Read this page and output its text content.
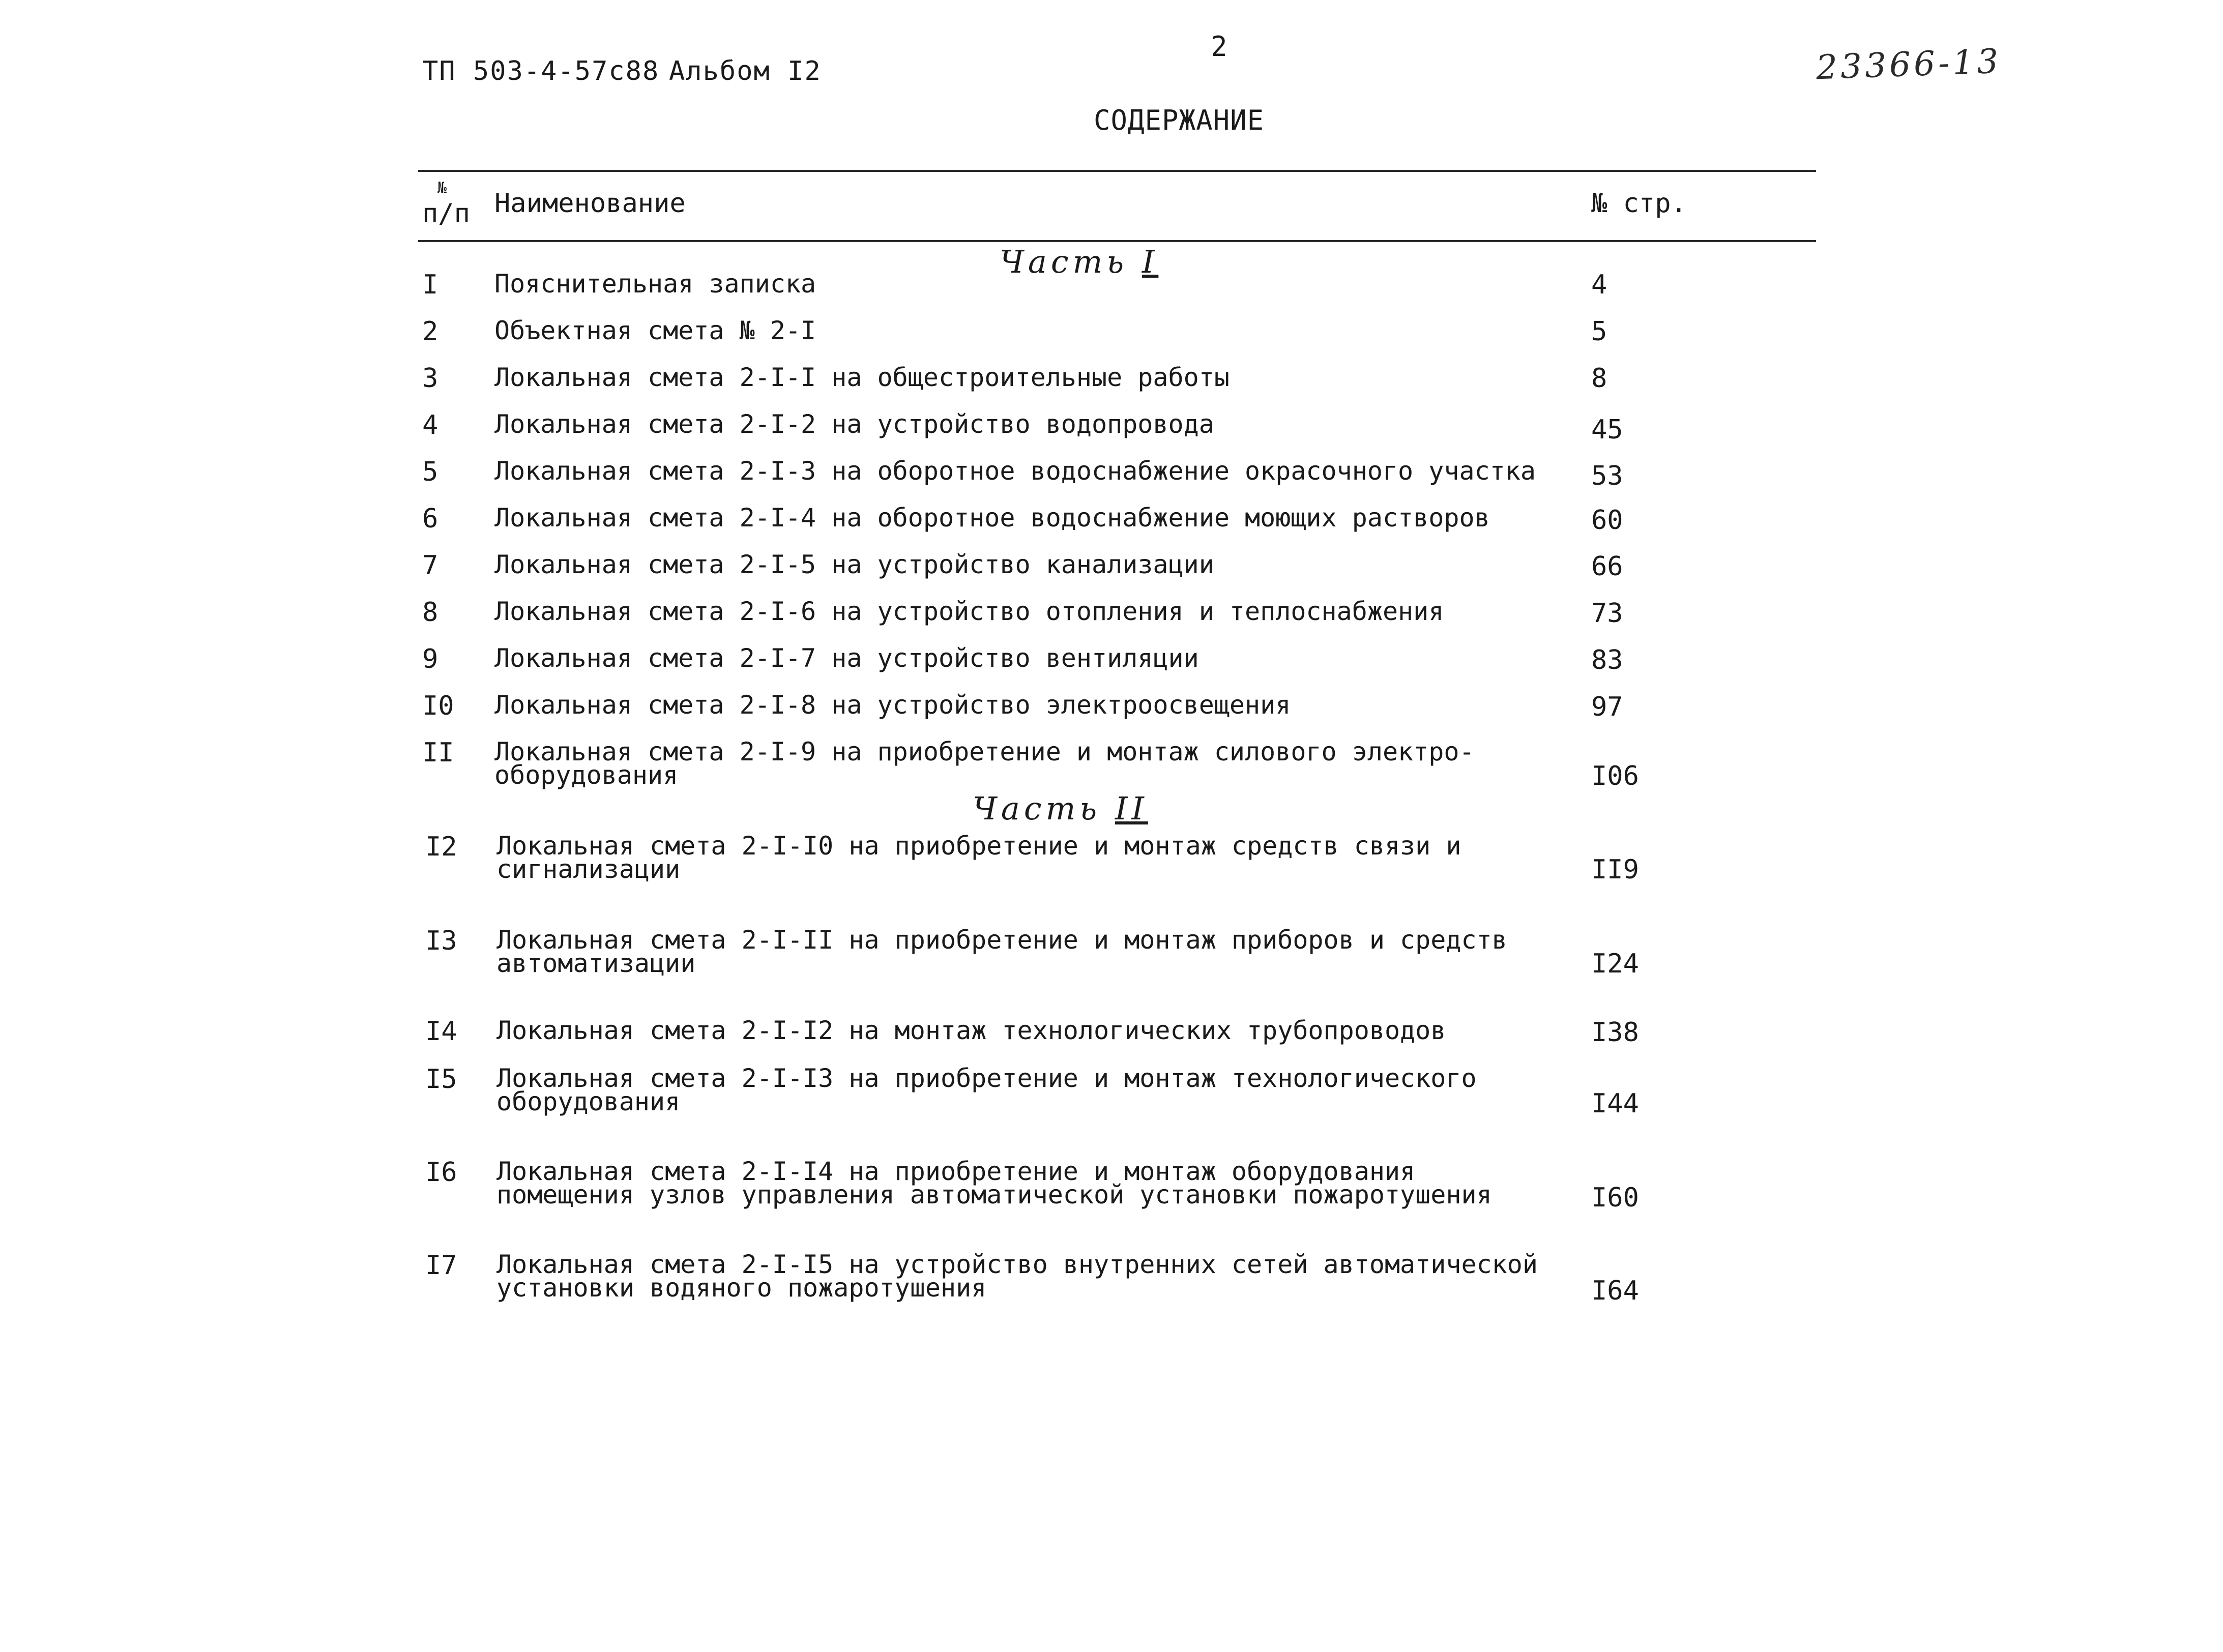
ТП 503-4-57с88 Альбом I2
2	23366-13
СОДЕРЖАНИЕ
№
п/п Наименование	№ стр.
Часть I
Часть II
I Пояснительная записка	4
2 Объектная смета № 2-I	5
3 Локальная смета 2-I-I на общестроительные работы	8
4 Локальная смета 2-I-2 на устройство водопровода	45
5 Локальная смета 2-I-3 на оборотное водоснабжение окрасочного участка 53
6 Локальная смета 2-I-4 на оборотное водоснабжение моющих растворов	60
7 Локальная смета 2-I-5 на устройство канализации	66
8 Локальная смета 2-I-6 на устройство отопления и теплоснабжения	73
9 Локальная смета 2-I-7 на устройство вентиляции	83
I0 Локальная смета 2-I-8 на устройство электроосвещения	97
II Локальная смета 2-I-9 на приобретение и монтаж силового электро-
оборудования	I06
I2 Локальная смета 2-I-I0 на приобретение и монтаж средств связи и
сигнализации	II9
I3 Локальная смета 2-I-II на приобретение и монтаж приборов и средств
автоматизации	I24
I4 Локальная смета 2-I-I2 на монтаж технологических трубопроводов	I38
I5 Локальная смета 2-I-I3 на приобретение и монтаж технологического
оборудования	I44
I6 Локальная смета 2-I-I4 на приобретение и монтаж оборудования
помещения узлов управления автоматической установки пожаротушения	I60
I7 Локальная смета 2-I-I5 на устройство внутренних сетей автоматической
установки водяного пожаротушения	I64
